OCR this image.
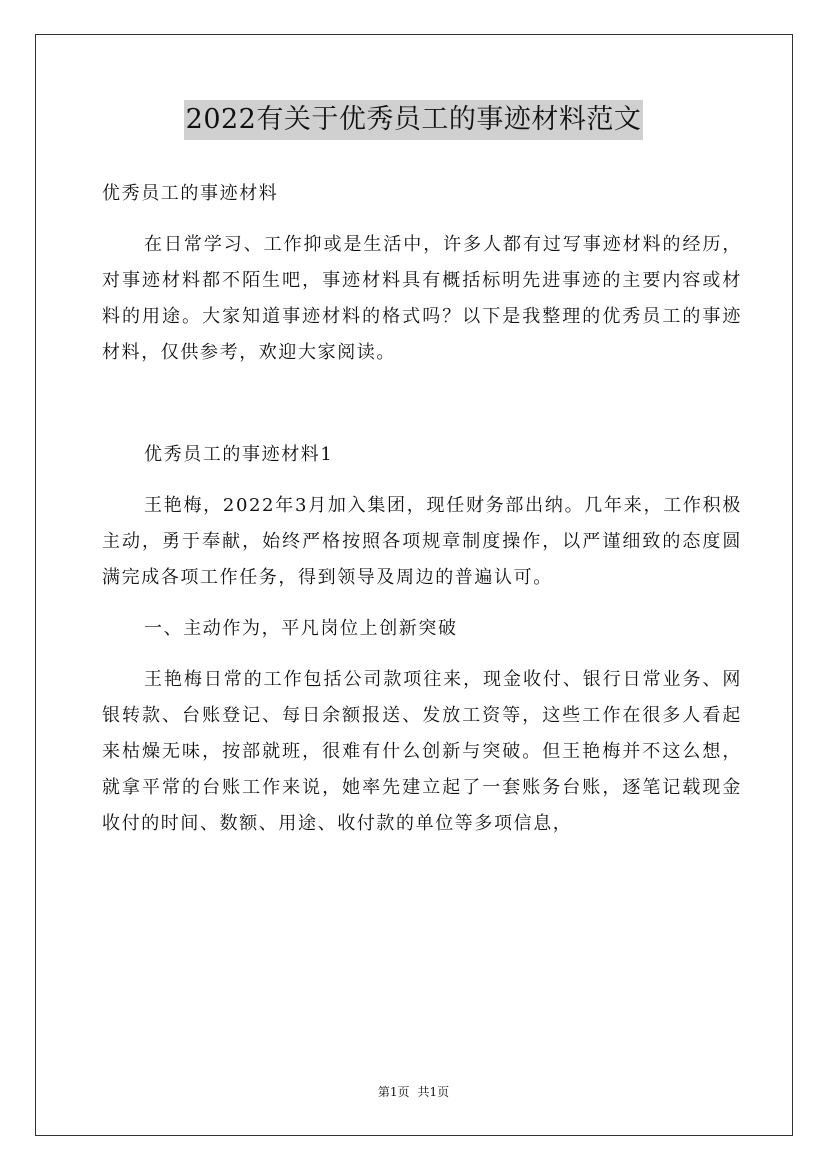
2022有关于优秀员工的事迹材料范文

优秀员工的事迹材料

在日常学习、工作抑或是生活中，许多人都有过写事迹材料的经历，对事迹材料都不陌生吧，事迹材料具有概括标明先进事迹的主要内容或材料的用途。大家知道事迹材料的格式吗？以下是我整理的优秀员工的事迹材料，仅供参考，欢迎大家阅读。

优秀员工的事迹材料1

王艳梅，2022年3月加入集团，现任财务部出纳。几年来，工作积极主动，勇于奉献，始终严格按照各项规章制度操作，以严谨细致的态度圆满完成各项工作任务，得到领导及周边的普遍认可。

一、主动作为，平凡岗位上创新突破

王艳梅日常的工作包括公司款项往来，现金收付、银行日常业务、网银转款、台账登记、每日余额报送、发放工资等，这些工作在很多人看起来枯燥无味，按部就班，很难有什么创新与突破。但王艳梅并不这么想，就拿平常的台账工作来说，她率先建立起了一套账务台账，逐笔记载现金收付的时间、数额、用途、收付款的单位等多项信息，

第1页 共1页
